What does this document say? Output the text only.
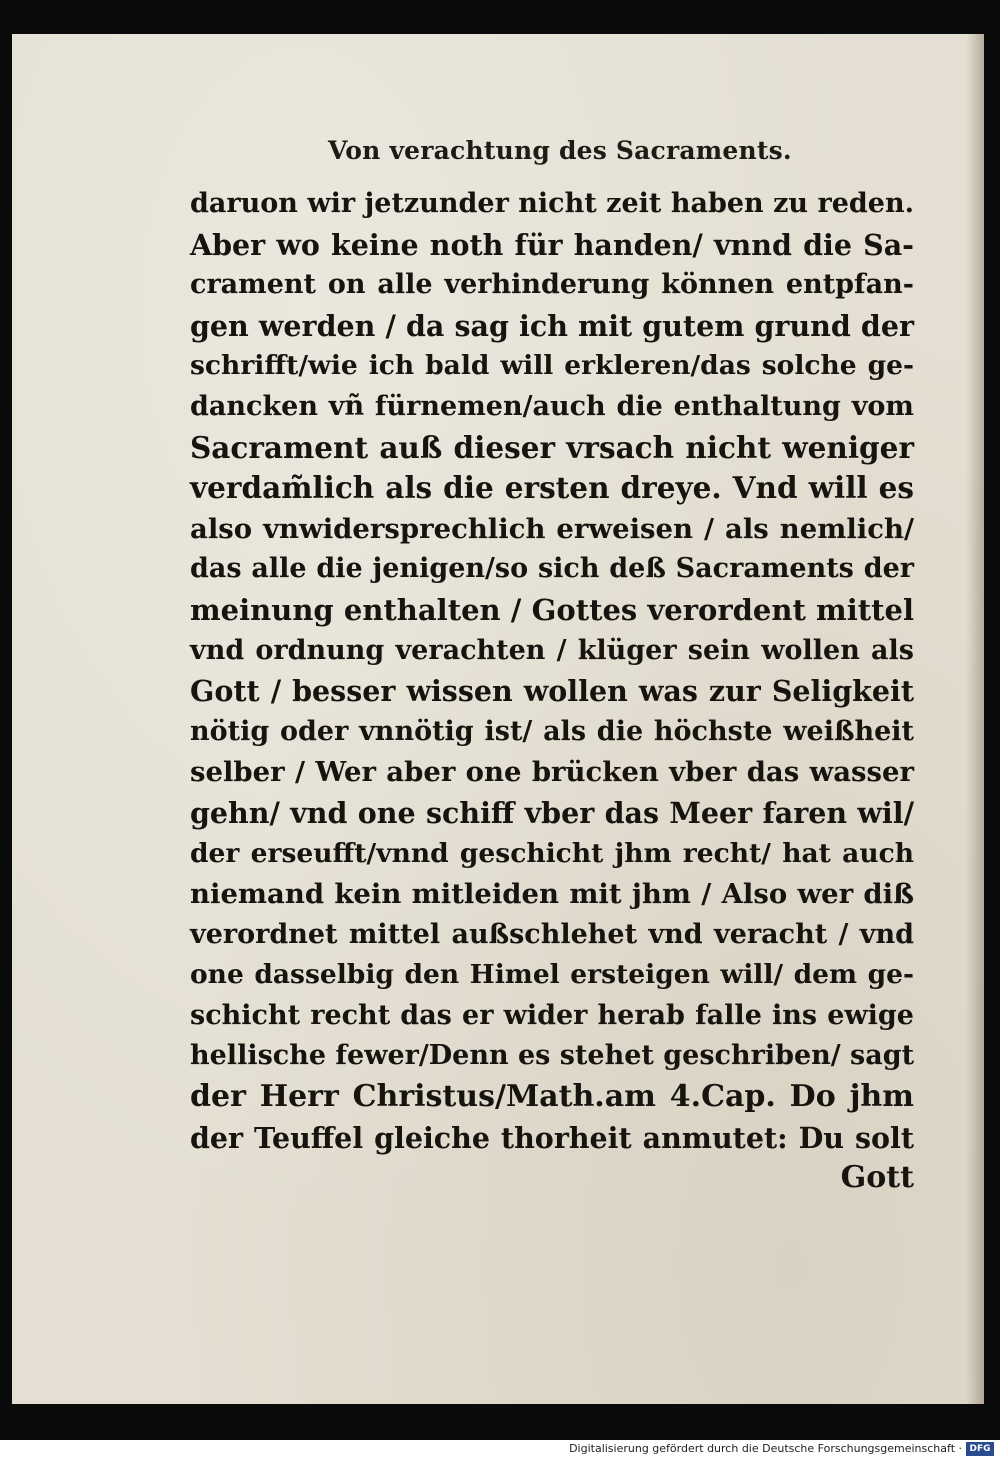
Von verachtung des Sacraments.
daruon wir jetzunder nicht zeit haben zu reden.
Aber wo keine noth für handen/ vnnd die Sa-
crament on alle verhinderung können entpfan-
gen werden / da sag ich mit gutem grund der
schrifft/wie ich bald will erkleren/das solche ge-
dancken vñ fürnemen/auch die enthaltung vom
Sacrament auß dieser vrsach nicht weniger
verdam̃lich als die ersten dreye. Vnd will es
also vnwidersprechlich erweisen / als nemlich/
das alle die jenigen/so sich deß Sacraments der
meinung enthalten / Gottes verordent mittel
vnd ordnung verachten / klüger sein wollen als
Gott / besser wissen wollen was zur Seligkeit
nötig oder vnnötig ist/ als die höchste weißheit
selber / Wer aber one brücken vber das wasser
gehn/ vnd one schiff vber das Meer faren wil/
der erseufft/vnnd geschicht jhm recht/ hat auch
niemand kein mitleiden mit jhm / Also wer diß
verordnet mittel außschlehet vnd veracht / vnd
one dasselbig den Himel ersteigen will/ dem ge-
schicht recht das er wider herab falle ins ewige
hellische fewer/Denn es stehet geschriben/ sagt
der Herr Christus/Math.am 4.Cap. Do jhm
der Teuffel gleiche thorheit anmutet: Du solt
Gott
Digitalisierung gefördert durch die Deutsche Forschungsgemeinschaft · DFG
